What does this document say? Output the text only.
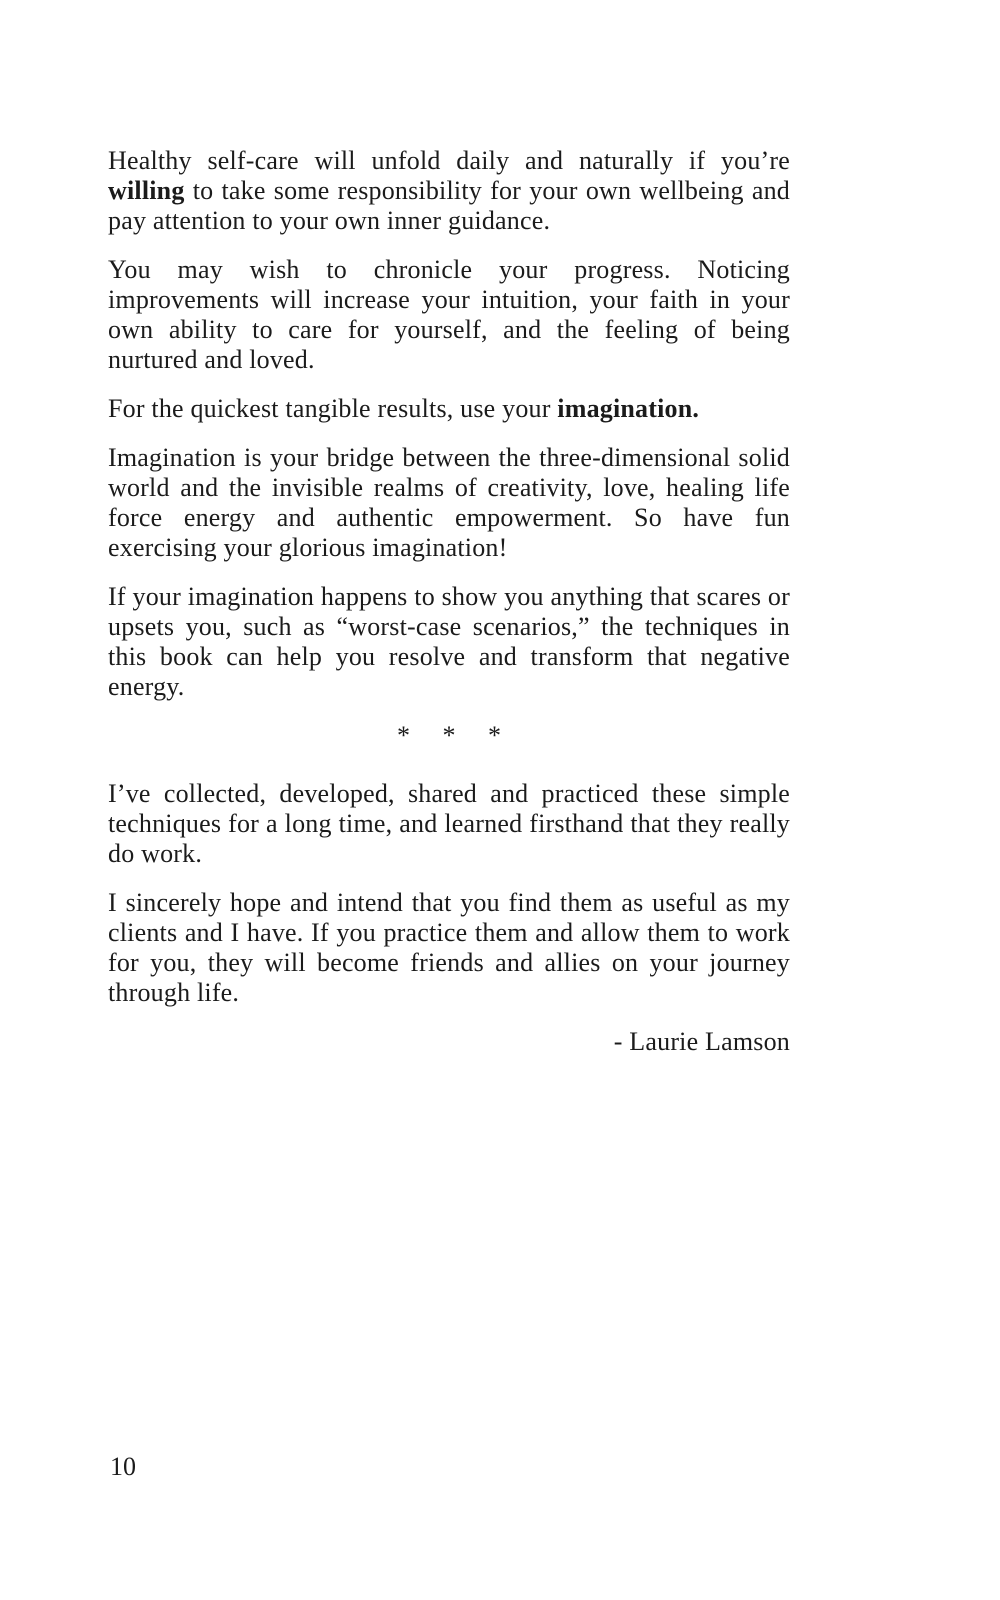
Healthy self-care will unfold daily and naturally if you’re willing to take some responsibility for your own wellbeing and pay attention to your own inner guidance.

You may wish to chronicle your progress. Noticing improvements will increase your intuition, your faith in your own ability to care for yourself, and the feeling of being nurtured and loved.

For the quickest tangible results, use your imagination.

Imagination is your bridge between the three-dimensional solid world and the invisible realms of creativity, love, healing life force energy and authentic empowerment. So have fun exercising your glorious imagination!

If your imagination happens to show you anything that scares or upsets you, such as “worst-case scenarios,” the techniques in this book can help you resolve and transform that negative energy.

* * *

I’ve collected, developed, shared and practiced these simple techniques for a long time, and learned firsthand that they really do work.

I sincerely hope and intend that you find them as useful as my clients and I have. If you practice them and allow them to work for you, they will become friends and allies on your journey through life.

- Laurie Lamson

10
